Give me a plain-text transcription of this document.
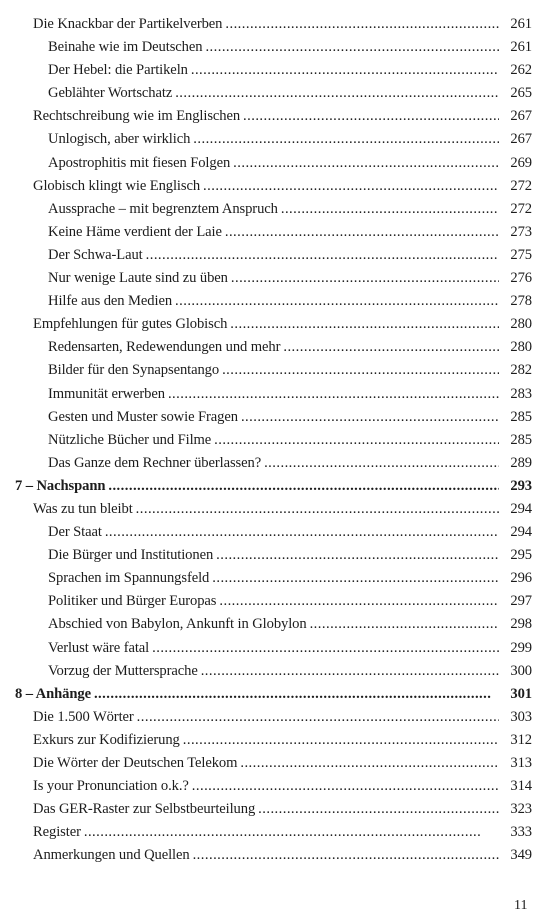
Die Knackbar der Partikelverben . . .	261
Beinahe wie im Deutschen . . .	261
Der Hebel: die Partikeln . . .	262
Geblähter Wortschatz . . .	265
Rechtschreibung wie im Englischen . . .	267
Unlogisch, aber wirklich . . .	267
Apostrophitis mit fiesen Folgen . . .	269
Globisch klingt wie Englisch . . .	272
Aussprache – mit begrenztem Anspruch . . .	272
Keine Häme verdient der Laie . . .	273
Der Schwa-Laut . . .	275
Nur wenige Laute sind zu üben . . .	276
Hilfe aus den Medien . . .	278
Empfehlungen für gutes Globisch . . .	280
Redensarten, Redewendungen und mehr . . .	280
Bilder für den Synapsentango . . .	282
Immunität erwerben . . .	283
Gesten und Muster sowie Fragen . . .	285
Nützliche Bücher und Filme . . .	285
Das Ganze dem Rechner überlassen? . . .	289
7 – Nachspann . . .	293
Was zu tun bleibt . . .	294
Der Staat . . .	294
Die Bürger und Institutionen . . .	295
Sprachen im Spannungsfeld . . .	296
Politiker und Bürger Europas . . .	297
Abschied von Babylon, Ankunft in Globylon . . .	298
Verlust wäre fatal . . .	299
Vorzug der Muttersprache . . .	300
8 – Anhänge . . .	301
Die 1.500 Wörter . . .	303
Exkurs zur Kodifizierung . . .	312
Die Wörter der Deutschen Telekom . . .	313
Is your Pronunciation o.k.? . . .	314
Das GER-Raster zur Selbstbeurteilung . . .	323
Register . . .	333
Anmerkungen und Quellen . . .	349
11
